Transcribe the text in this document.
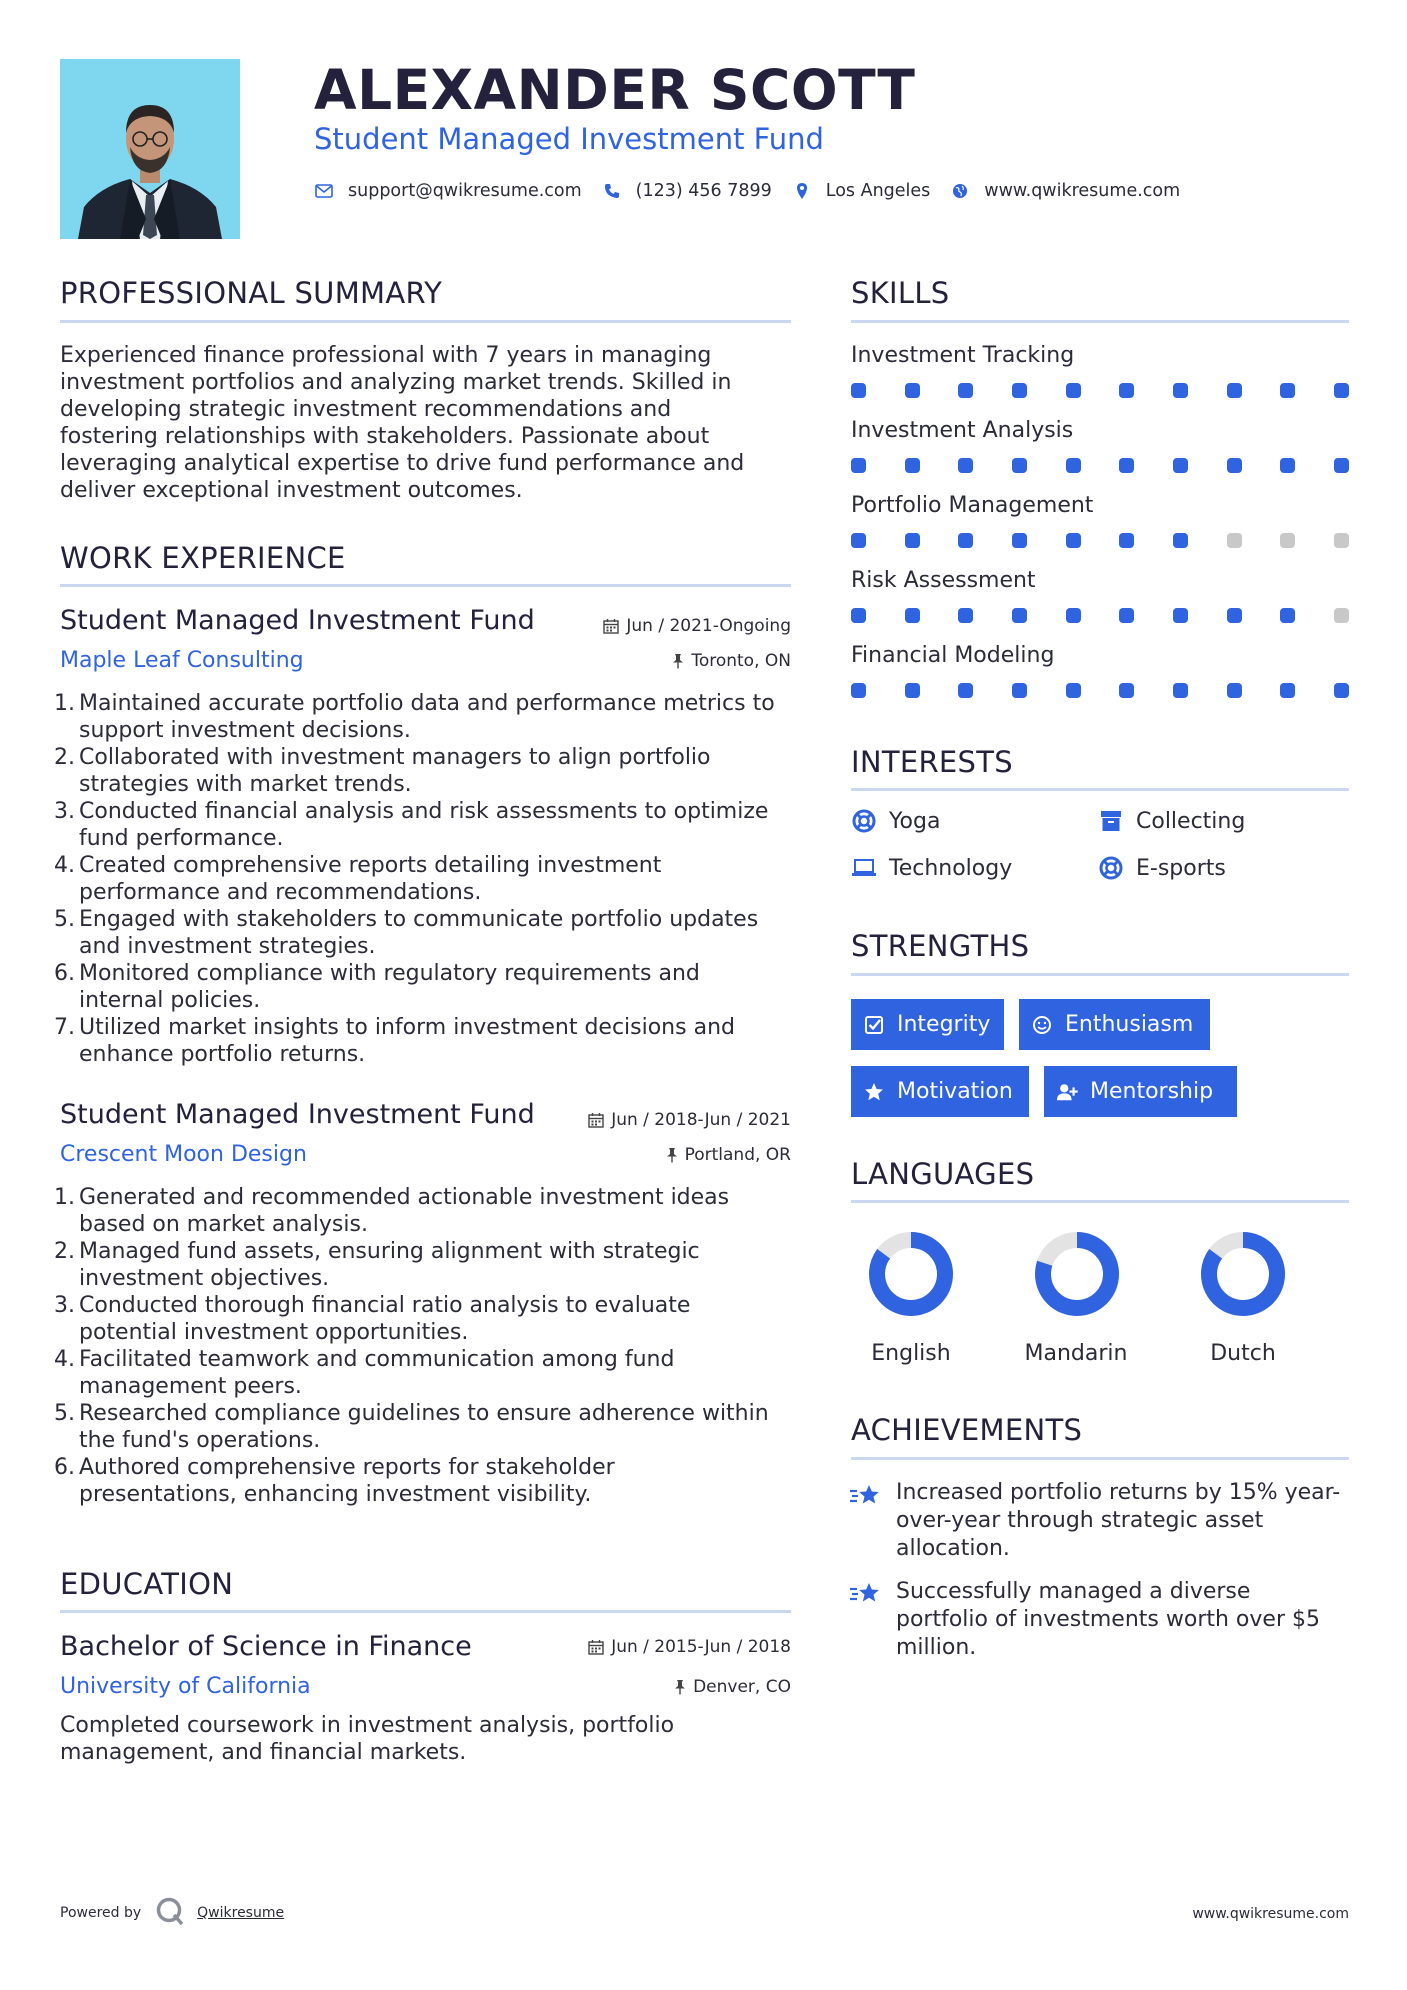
ALEXANDER SCOTT
Student Managed Investment Fund
support@qwikresume.com	(123) 456 7899	Los Angeles	www.qwikresume.com
PROFESSIONAL SUMMARY
Experienced finance professional with 7 years in managing
investment portfolios and analyzing market trends. Skilled in
developing strategic investment recommendations and
fostering relationships with stakeholders. Passionate about
leveraging analytical expertise to drive fund performance and
deliver exceptional investment outcomes.
WORK EXPERIENCE
Student Managed Investment Fund	Jun / 2021-Ongoing
Maple Leaf Consulting	Toronto, ON
1. Maintained accurate portfolio data and performance metrics to
support investment decisions.
2. Collaborated with investment managers to align portfolio
strategies with market trends.
3. Conducted financial analysis and risk assessments to optimize
fund performance.
4. Created comprehensive reports detailing investment
performance and recommendations.
5. Engaged with stakeholders to communicate portfolio updates
and investment strategies.
6. Monitored compliance with regulatory requirements and
internal policies.
7. Utilized market insights to inform investment decisions and
enhance portfolio returns.
Student Managed Investment Fund	Jun / 2018-Jun / 2021
Crescent Moon Design	Portland, OR
1. Generated and recommended actionable investment ideas
based on market analysis.
2. Managed fund assets, ensuring alignment with strategic
investment objectives.
3. Conducted thorough financial ratio analysis to evaluate
potential investment opportunities.
4. Facilitated teamwork and communication among fund
management peers.
5. Researched compliance guidelines to ensure adherence within
the fund's operations.
6. Authored comprehensive reports for stakeholder
presentations, enhancing investment visibility.
EDUCATION
Bachelor of Science in Finance	Jun / 2015-Jun / 2018
University of California	Denver, CO
Completed coursework in investment analysis, portfolio
management, and financial markets.
SKILLS
Investment Tracking
Investment Analysis
Portfolio Management
Risk Assessment
Financial Modeling
INTERESTS
Yoga	Collecting
Technology	E-sports
STRENGTHS
Integrity	Enthusiasm
Motivation	Mentorship
LANGUAGES
English	Mandarin	Dutch
ACHIEVEMENTS
Increased portfolio returns by 15% year-
over-year through strategic asset
allocation.
Successfully managed a diverse
portfolio of investments worth over $5
million.
Powered by	Qwikresume	www.qwikresume.com
